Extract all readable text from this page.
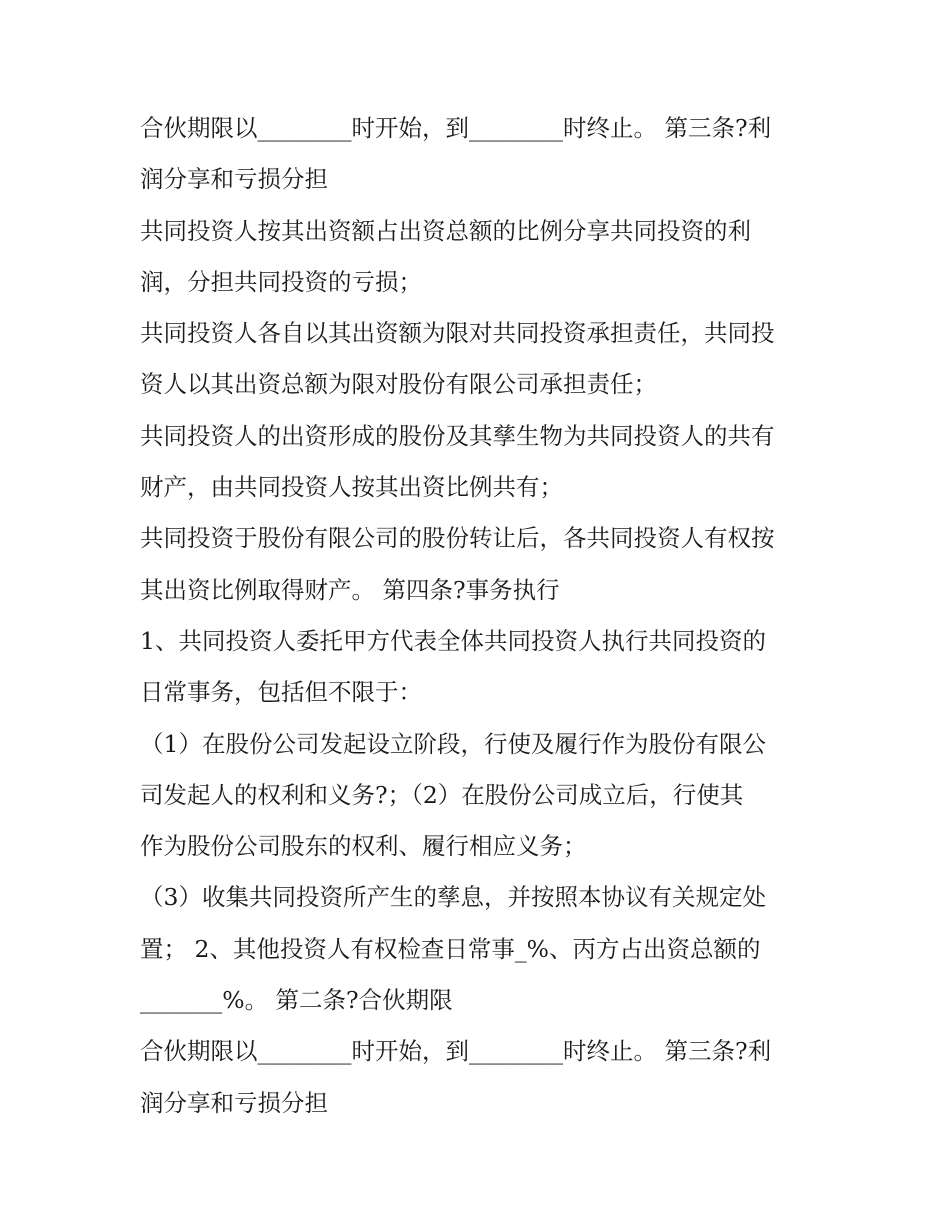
合伙期限以________时开始，到________时终止。 第三条?利

润分享和亏损分担

共同投资人按其出资额占出资总额的比例分享共同投资的利

润，分担共同投资的亏损；

共同投资人各自以其出资额为限对共同投资承担责任，共同投

资人以其出资总额为限对股份有限公司承担责任；

共同投资人的出资形成的股份及其孳生物为共同投资人的共有

财产，由共同投资人按其出资比例共有；

共同投资于股份有限公司的股份转让后，各共同投资人有权按

其出资比例取得财产。 第四条?事务执行

1、共同投资人委托甲方代表全体共同投资人执行共同投资的

日常事务，包括但不限于：

（1）在股份公司发起设立阶段，行使及履行作为股份有限公

司发起人的权利和义务?；（2）在股份公司成立后，行使其

作为股份公司股东的权利、履行相应义务；

（3）收集共同投资所产生的孳息，并按照本协议有关规定处

置； 2、其他投资人有权检查日常事_%、丙方占出资总额的

_______%。 第二条?合伙期限

合伙期限以________时开始，到________时终止。 第三条?利

润分享和亏损分担
